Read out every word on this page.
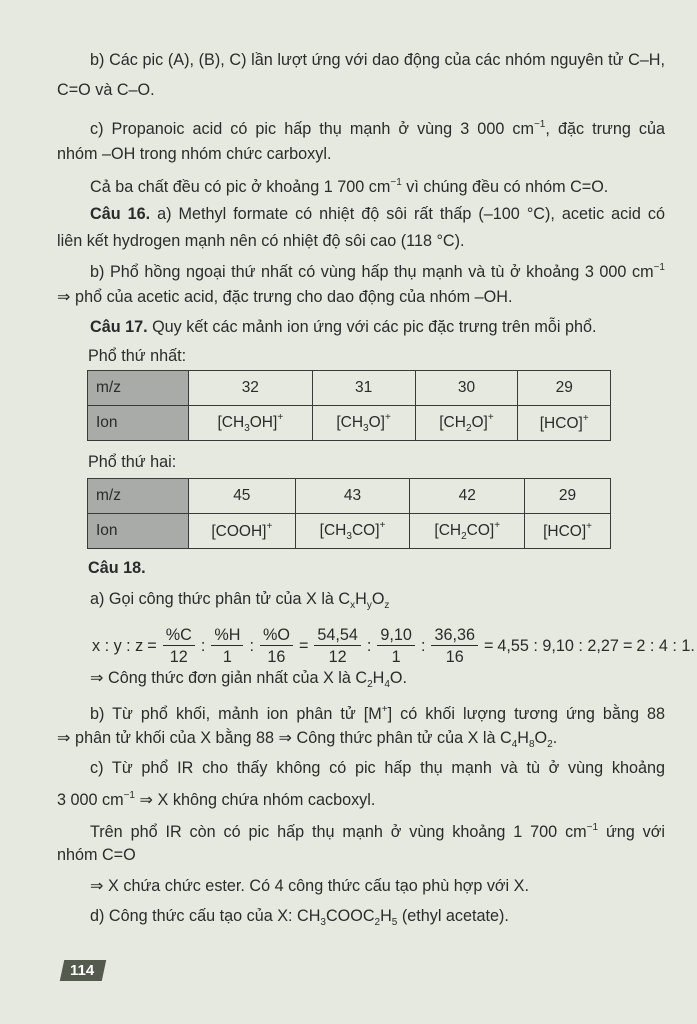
b) Các pic (A), (B), C) lần lượt ứng với dao động của các nhóm nguyên tử C–H,
C=O và C–O.
c) Propanoic acid có pic hấp thụ mạnh ở vùng 3 000 $cm^{-1}$, đặc trưng của
nhóm –OH trong nhóm chức carboxyl.
Cả ba chất đều có pic ở khoảng 1 700 $cm^{-1}$ vì chúng đều có nhóm C=O.
Câu 16. a) Methyl formate có nhiệt độ sôi rất thấp (–100 °C), acetic acid có
liên kết hydrogen mạnh nên có nhiệt độ sôi cao (118 °C).
b) Phổ hồng ngoại thứ nhất có vùng hấp thụ mạnh và tù ở khoảng 3 000 $cm^{-1}$
⇒ phổ của acetic acid, đặc trưng cho dao động của nhóm –OH.
Câu 17. Quy kết các mảnh ion ứng với các pic đặc trưng trên mỗi phổ.
Phổ thứ nhất:
Phổ thứ hai:
Câu 18.
a) Gọi công thức phân tử của X là $C_xH_yO_z$
⇒ Công thức đơn giản nhất của X là $C_2H_4O$.
b) Từ phổ khối, mảnh ion phân tử [M+] có khối lượng tương ứng bằng 88
⇒ phân tử khối của X bằng 88 ⇒ Công thức phân tử của X là $C_4H_8O_2$.
c) Từ phổ IR cho thấy không có pic hấp thụ mạnh và tù ở vùng khoảng
3 000 $cm^{-1}$ ⇒ X không chứa nhóm cacboxyl.
Trên phổ IR còn có pic hấp thụ mạnh ở vùng khoảng 1 700 $cm^{-1}$ ứng với
nhóm C=O
⇒ X chứa chức ester. Có 4 công thức cấu tạo phù hợp với X.
d) Công thức cấu tạo của X: $CH_3COOC_2H_5$ (ethyl acetate).
m/z	32	31	30	29
Ion	$[CH_3OH]^+$	$[CH_3O]^+$	$[CH_2O]^+$	[HCO]+
m/z	45	43	42	29
Ion	[COOH]+	$[CH_3CO]^+$	$[CH_2CO]^+$	[HCO]+
x : y : $z = \frac{\%C}{12}$ : $\frac{\%H}{1}$ : $\frac{\%O}{16} = \frac{54,54}{12}$ : $\frac{9,10}{1}$ : $\frac{36,36}{16} = 4,55$ : 9,10 : 2,27 = 2 : 4 : 1.
114
